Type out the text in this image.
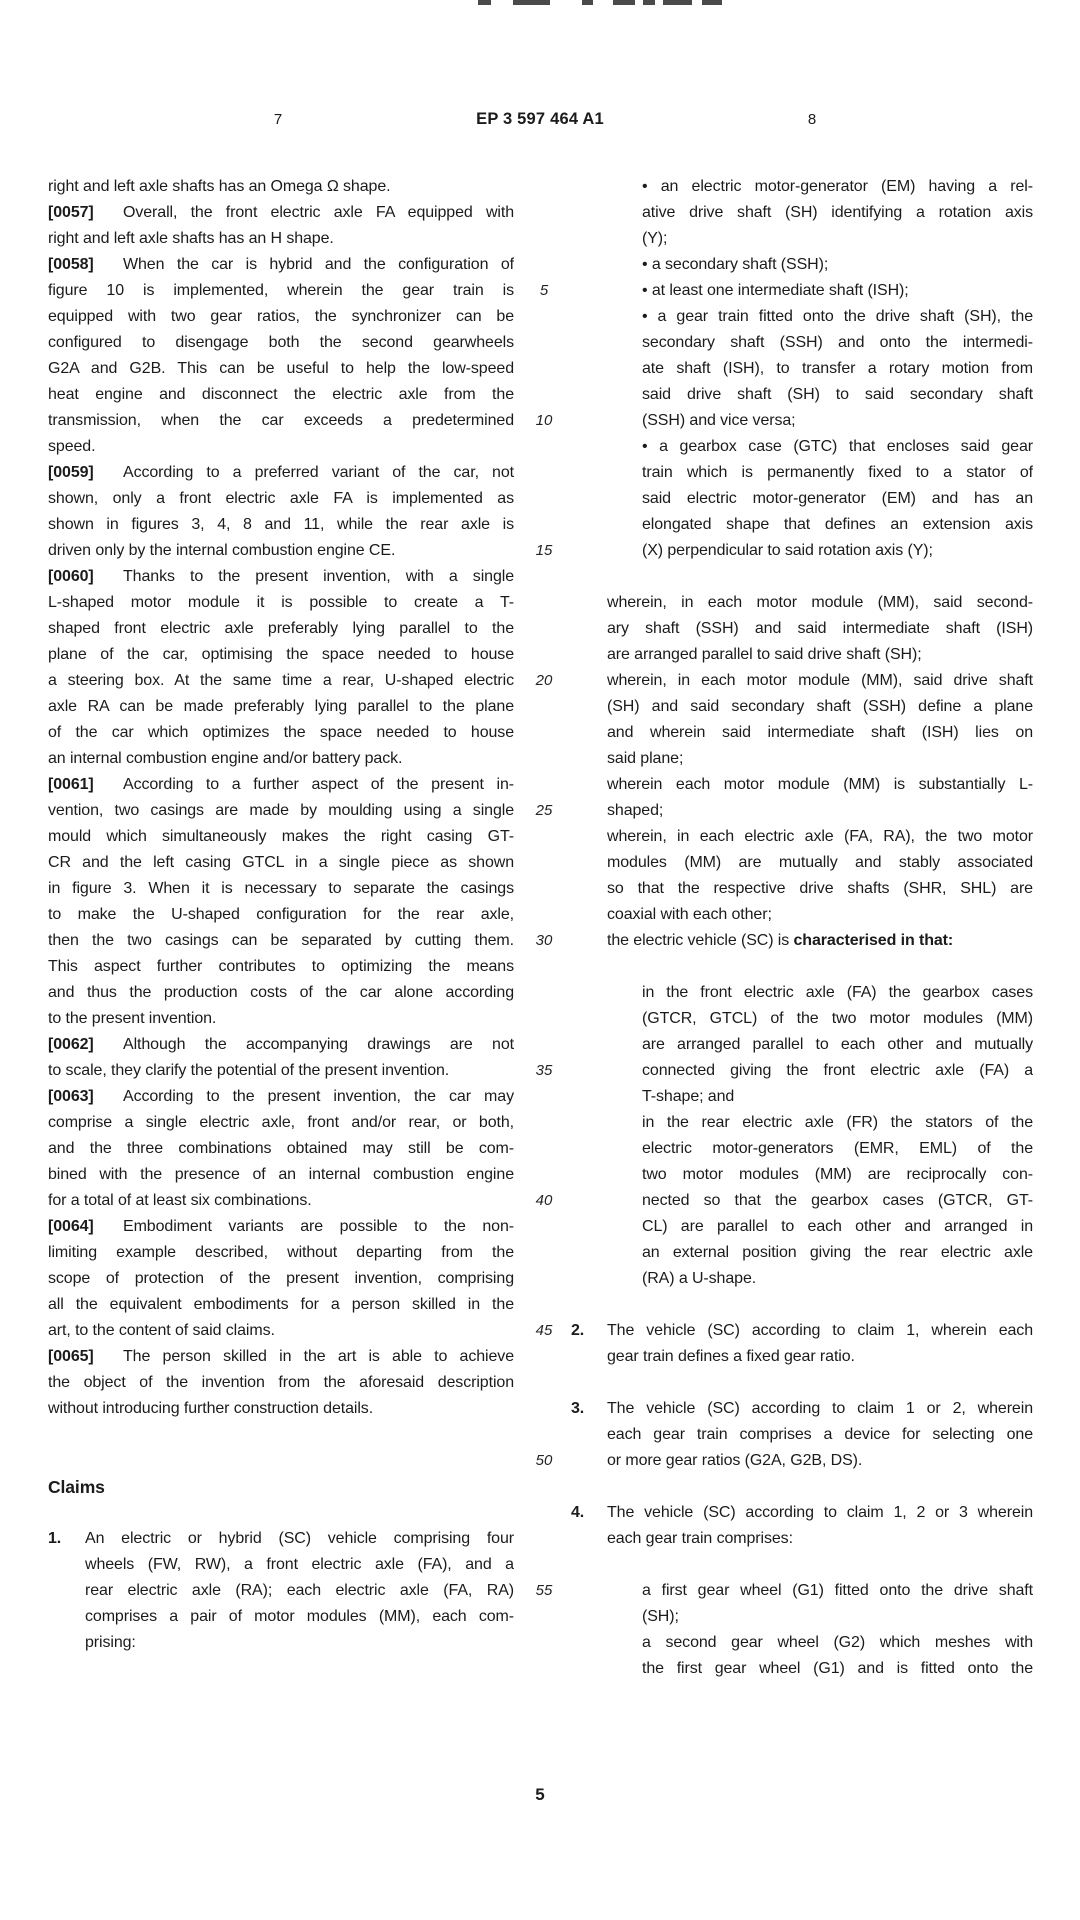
7	EP 3 597 464 A1	8
right and left axle shafts has an Omega Ω shape.
[0057] Overall, the front electric axle FA equipped with
right and left axle shafts has an H shape.
[0058] When the car is hybrid and the configuration of
figure 10 is implemented, wherein the gear train is
equipped with two gear ratios, the synchronizer can be
configured to disengage both the second gearwheels
G2A and G2B. This can be useful to help the low-speed
heat engine and disconnect the electric axle from the
transmission, when the car exceeds a predetermined
speed.
[0059] According to a preferred variant of the car, not
shown, only a front electric axle FA is implemented as
shown in figures 3, 4, 8 and 11, while the rear axle is
driven only by the internal combustion engine CE.
[0060] Thanks to the present invention, with a single
L-shaped motor module it is possible to create a T-
shaped front electric axle preferably lying parallel to the
plane of the car, optimising the space needed to house
a steering box. At the same time a rear, U-shaped electric
axle RA can be made preferably lying parallel to the plane
of the car which optimizes the space needed to house
an internal combustion engine and/or battery pack.
[0061] According to a further aspect of the present in-
vention, two casings are made by moulding using a single
mould which simultaneously makes the right casing GT-
CR and the left casing GTCL in a single piece as shown
in figure 3. When it is necessary to separate the casings
to make the U-shaped configuration for the rear axle,
then the two casings can be separated by cutting them.
This aspect further contributes to optimizing the means
and thus the production costs of the car alone according
to the present invention.
[0062] Although the accompanying drawings are not
to scale, they clarify the potential of the present invention.
[0063] According to the present invention, the car may
comprise a single electric axle, front and/or rear, or both,
and the three combinations obtained may still be com-
bined with the presence of an internal combustion engine
for a total of at least six combinations.
[0064] Embodiment variants are possible to the non-
limiting example described, without departing from the
scope of protection of the present invention, comprising
all the equivalent embodiments for a person skilled in the
art, to the content of said claims.
[0065] The person skilled in the art is able to achieve
the object of the invention from the aforesaid description
without introducing further construction details.

Claims

1. An electric or hybrid (SC) vehicle comprising four
wheels (FW, RW), a front electric axle (FA), and a
rear electric axle (RA); each electric axle (FA, RA)
comprises a pair of motor modules (MM), each com-
prising:
5
10
15
20
25
30
35
40
45
50
55
• an electric motor-generator (EM) having a rel-
ative drive shaft (SH) identifying a rotation axis
(Y);
• a secondary shaft (SSH);
• at least one intermediate shaft (ISH);
• a gear train fitted onto the drive shaft (SH), the
secondary shaft (SSH) and onto the intermedi-
ate shaft (ISH), to transfer a rotary motion from
said drive shaft (SH) to said secondary shaft
(SSH) and vice versa;
• a gearbox case (GTC) that encloses said gear
train which is permanently fixed to a stator of
said electric motor-generator (EM) and has an
elongated shape that defines an extension axis
(X) perpendicular to said rotation axis (Y);

wherein, in each motor module (MM), said second-
ary shaft (SSH) and said intermediate shaft (ISH)
are arranged parallel to said drive shaft (SH);
wherein, in each motor module (MM), said drive shaft
(SH) and said secondary shaft (SSH) define a plane
and wherein said intermediate shaft (ISH) lies on
said plane;
wherein each motor module (MM) is substantially L-
shaped;
wherein, in each electric axle (FA, RA), the two motor
modules (MM) are mutually and stably associated
so that the respective drive shafts (SHR, SHL) are
coaxial with each other;
the electric vehicle (SC) is characterised in that:

in the front electric axle (FA) the gearbox cases
(GTCR, GTCL) of the two motor modules (MM)
are arranged parallel to each other and mutually
connected giving the front electric axle (FA) a
T-shape; and
in the rear electric axle (FR) the stators of the
electric motor-generators (EMR, EML) of the
two motor modules (MM) are reciprocally con-
nected so that the gearbox cases (GTCR, GT-
CL) are parallel to each other and arranged in
an external position giving the rear electric axle
(RA) a U-shape.

2. The vehicle (SC) according to claim 1, wherein each
gear train defines a fixed gear ratio.

3. The vehicle (SC) according to claim 1 or 2, wherein
each gear train comprises a device for selecting one
or more gear ratios (G2A, G2B, DS).

4. The vehicle (SC) according to claim 1, 2 or 3 wherein
each gear train comprises:

a first gear wheel (G1) fitted onto the drive shaft
(SH);
a second gear wheel (G2) which meshes with
the first gear wheel (G1) and is fitted onto the
5
